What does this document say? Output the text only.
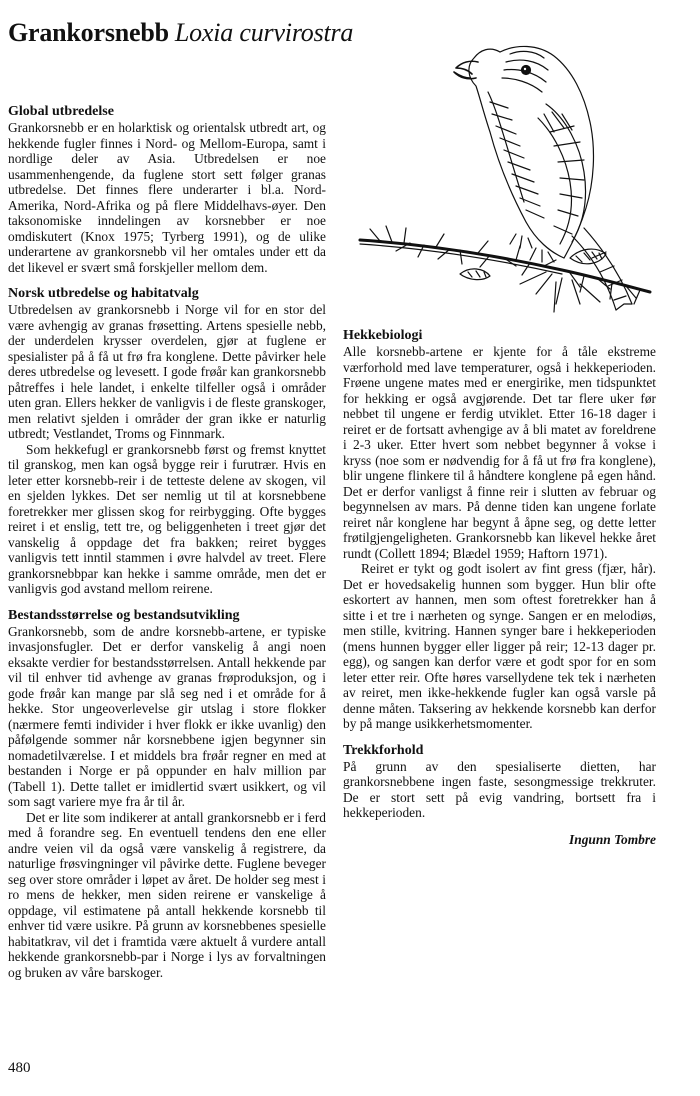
Grankorsnebb Loxia curvirostra
Global utbredelse

Grankorsnebb er en holarktisk og orientalsk utbredt art, og hekkende fugler finnes i Nord- og Mellom-Europa, samt i nordlige deler av Asia. Utbredelsen er noe usammenhengende, da fuglene stort sett følger granas utbredelse. Det finnes flere underarter i bl.a. Nord-Amerika, Nord-Afrika og på flere Middelhavs-øyer. Den taksonomiske inndelingen av korsnebber er noe omdiskutert (Knox 1975; Tyrberg 1991), og de ulike underartene av grankorsnebb vil her omtales under ett da det likevel er svært små forskjeller mellom dem.

Norsk utbredelse og habitatvalg

Utbredelsen av grankorsnebb i Norge vil for en stor del være avhengig av granas frøsetting. Artens spesielle nebb, der underdelen krysser overdelen, gjør at fuglene er spesialister på å få ut frø fra konglene. Dette påvirker hele deres utbredelse og levesett. I gode frøår kan grankorsnebb påtreffes i hele landet, i enkelte tilfeller også i områder uten gran. Ellers hekker de vanligvis i de fleste granskoger, men relativt sjelden i områder der gran ikke er naturlig utbredt; Vestlandet, Troms og Finnmark.

Som hekkefugl er grankorsnebb først og fremst knyttet til granskog, men kan også bygge reir i furutrær. Hvis en leter etter korsnebb-reir i de tetteste delene av skogen, vil en sjelden lykkes. Det ser nemlig ut til at korsnebbene foretrekker mer glissen skog for reirbygging. Ofte bygges reiret i et enslig, tett tre, og beliggenheten i treet gjør det vanskelig å oppdage det fra bakken; reiret bygges vanligvis tett inntil stammen i øvre halvdel av treet. Flere grankorsnebbpar kan hekke i samme område, men det er vanligvis god avstand mellom reirene.

Bestandsstørrelse og bestandsutvikling

Grankorsnebb, som de andre korsnebb-artene, er typiske invasjonsfugler. Det er derfor vanskelig å angi noen eksakte verdier for bestandsstørrelsen. Antall hekkende par vil til enhver tid avhenge av granas frøproduksjon, og i gode frøår kan mange par slå seg ned i et område for å hekke. Stor ungeoverlevelse gir utslag i store flokker (nærmere femti individer i hver flokk er ikke uvanlig) den påfølgende sommer når korsnebbene igjen begynner sin nomadetilværelse. I et middels bra frøår regner en med at bestanden i Norge er på oppunder en halv million par (Tabell 1). Dette tallet er imidlertid svært usikkert, og vil som sagt variere mye fra år til år.

Det er lite som indikerer at antall grankorsnebb er i ferd med å forandre seg. En eventuell tendens den ene eller andre veien vil da også være vanskelig å registrere, da naturlige frøsvingninger vil påvirke dette. Fuglene beveger seg over store områder i løpet av året. De holder seg mest i ro mens de hekker, men siden reirene er vanskelige å oppdage, vil estimatene på antall hekkende korsnebb til enhver tid være usikre. På grunn av korsnebbenes spesielle habitatkrav, vil det i framtida være aktuelt å vurdere antall hekkende grankorsnebb-par i Norge i lys av forvaltningen og bruken av våre barskoger.

Hekkebiologi

Alle korsnebb-artene er kjente for å tåle ekstreme værforhold med lave temperaturer, også i hekkeperioden. Frøene ungene mates med er energirike, men tidspunktet for hekking er også avgjørende. Det tar flere uker før nebbet til ungene er ferdig utviklet. Etter 16-18 dager i reiret er de fortsatt avhengige av å bli matet av foreldrene i 2-3 uker. Etter hvert som nebbet begynner å vokse i kryss (noe som er nødvendig for å få ut frø fra konglene), blir ungene flinkere til å håndtere konglene på egen hånd. Det er derfor vanligst å finne reir i slutten av februar og begynnelsen av mars. På denne tiden kan ungene forlate reiret når konglene har begynt å åpne seg, og dette letter frøtilgjengeligheten. Grankorsnebb kan likevel hekke året rundt (Collett 1894; Blædel 1959; Haftorn 1971).

Reiret er tykt og godt isolert av fint gress (fjær, hår). Det er hovedsakelig hunnen som bygger. Hun blir ofte eskortert av hannen, men som oftest foretrekker han å sitte i et tre i nærheten og synge. Sangen er en melodiøs, men stille, kvitring. Hannen synger bare i hekkeperioden (mens hunnen bygger eller ligger på reir; 12-13 dager pr. egg), og sangen kan derfor være et godt spor for en som leter etter reir. Ofte høres varsellydene tek tek i nærheten av reiret, men ikke-hekkende fugler kan også varsle på denne måten. Taksering av hekkende korsnebb kan derfor by på mange usikkerhetsmomenter.

Trekkforhold

På grunn av den spesialiserte dietten, har grankorsnebbene ingen faste, sesongmessige trekkruter. De er stort sett på evig vandring, bortsett fra i hekkeperioden.

Ingunn Tombre
480
